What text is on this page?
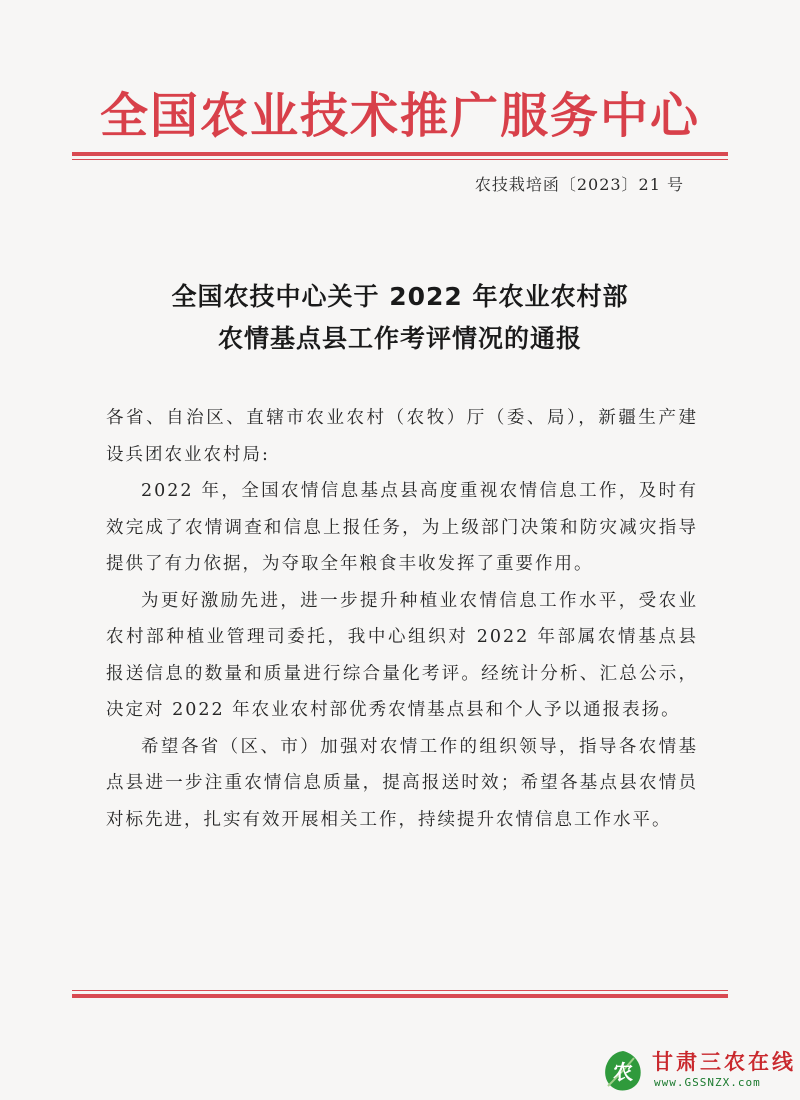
全国农业技术推广服务中心
农技栽培函〔2023〕21 号
全国农技中心关于 2022 年农业农村部
农情基点县工作考评情况的通报

各省、自治区、直辖市农业农村（农牧）厅（委、局），新疆生产建设兵团农业农村局:

2022 年，全国农情信息基点县高度重视农情信息工作，及时有效完成了农情调查和信息上报任务，为上级部门决策和防灾减灾指导提供了有力依据，为夺取全年粮食丰收发挥了重要作用。

为更好激励先进，进一步提升种植业农情信息工作水平，受农业农村部种植业管理司委托，我中心组织对 2022 年部属农情基点县报送信息的数量和质量进行综合量化考评。经统计分析、汇总公示，决定对 2022 年农业农村部优秀农情基点县和个人予以通报表扬。

希望各省（区、市）加强对农情工作的组织领导，指导各农情基点县进一步注重农情信息质量，提高报送时效；希望各基点县农情员对标先进，扎实有效开展相关工作，持续提升农情信息工作水平。

农 甘肃三农在线
www.GSSNZX.com
